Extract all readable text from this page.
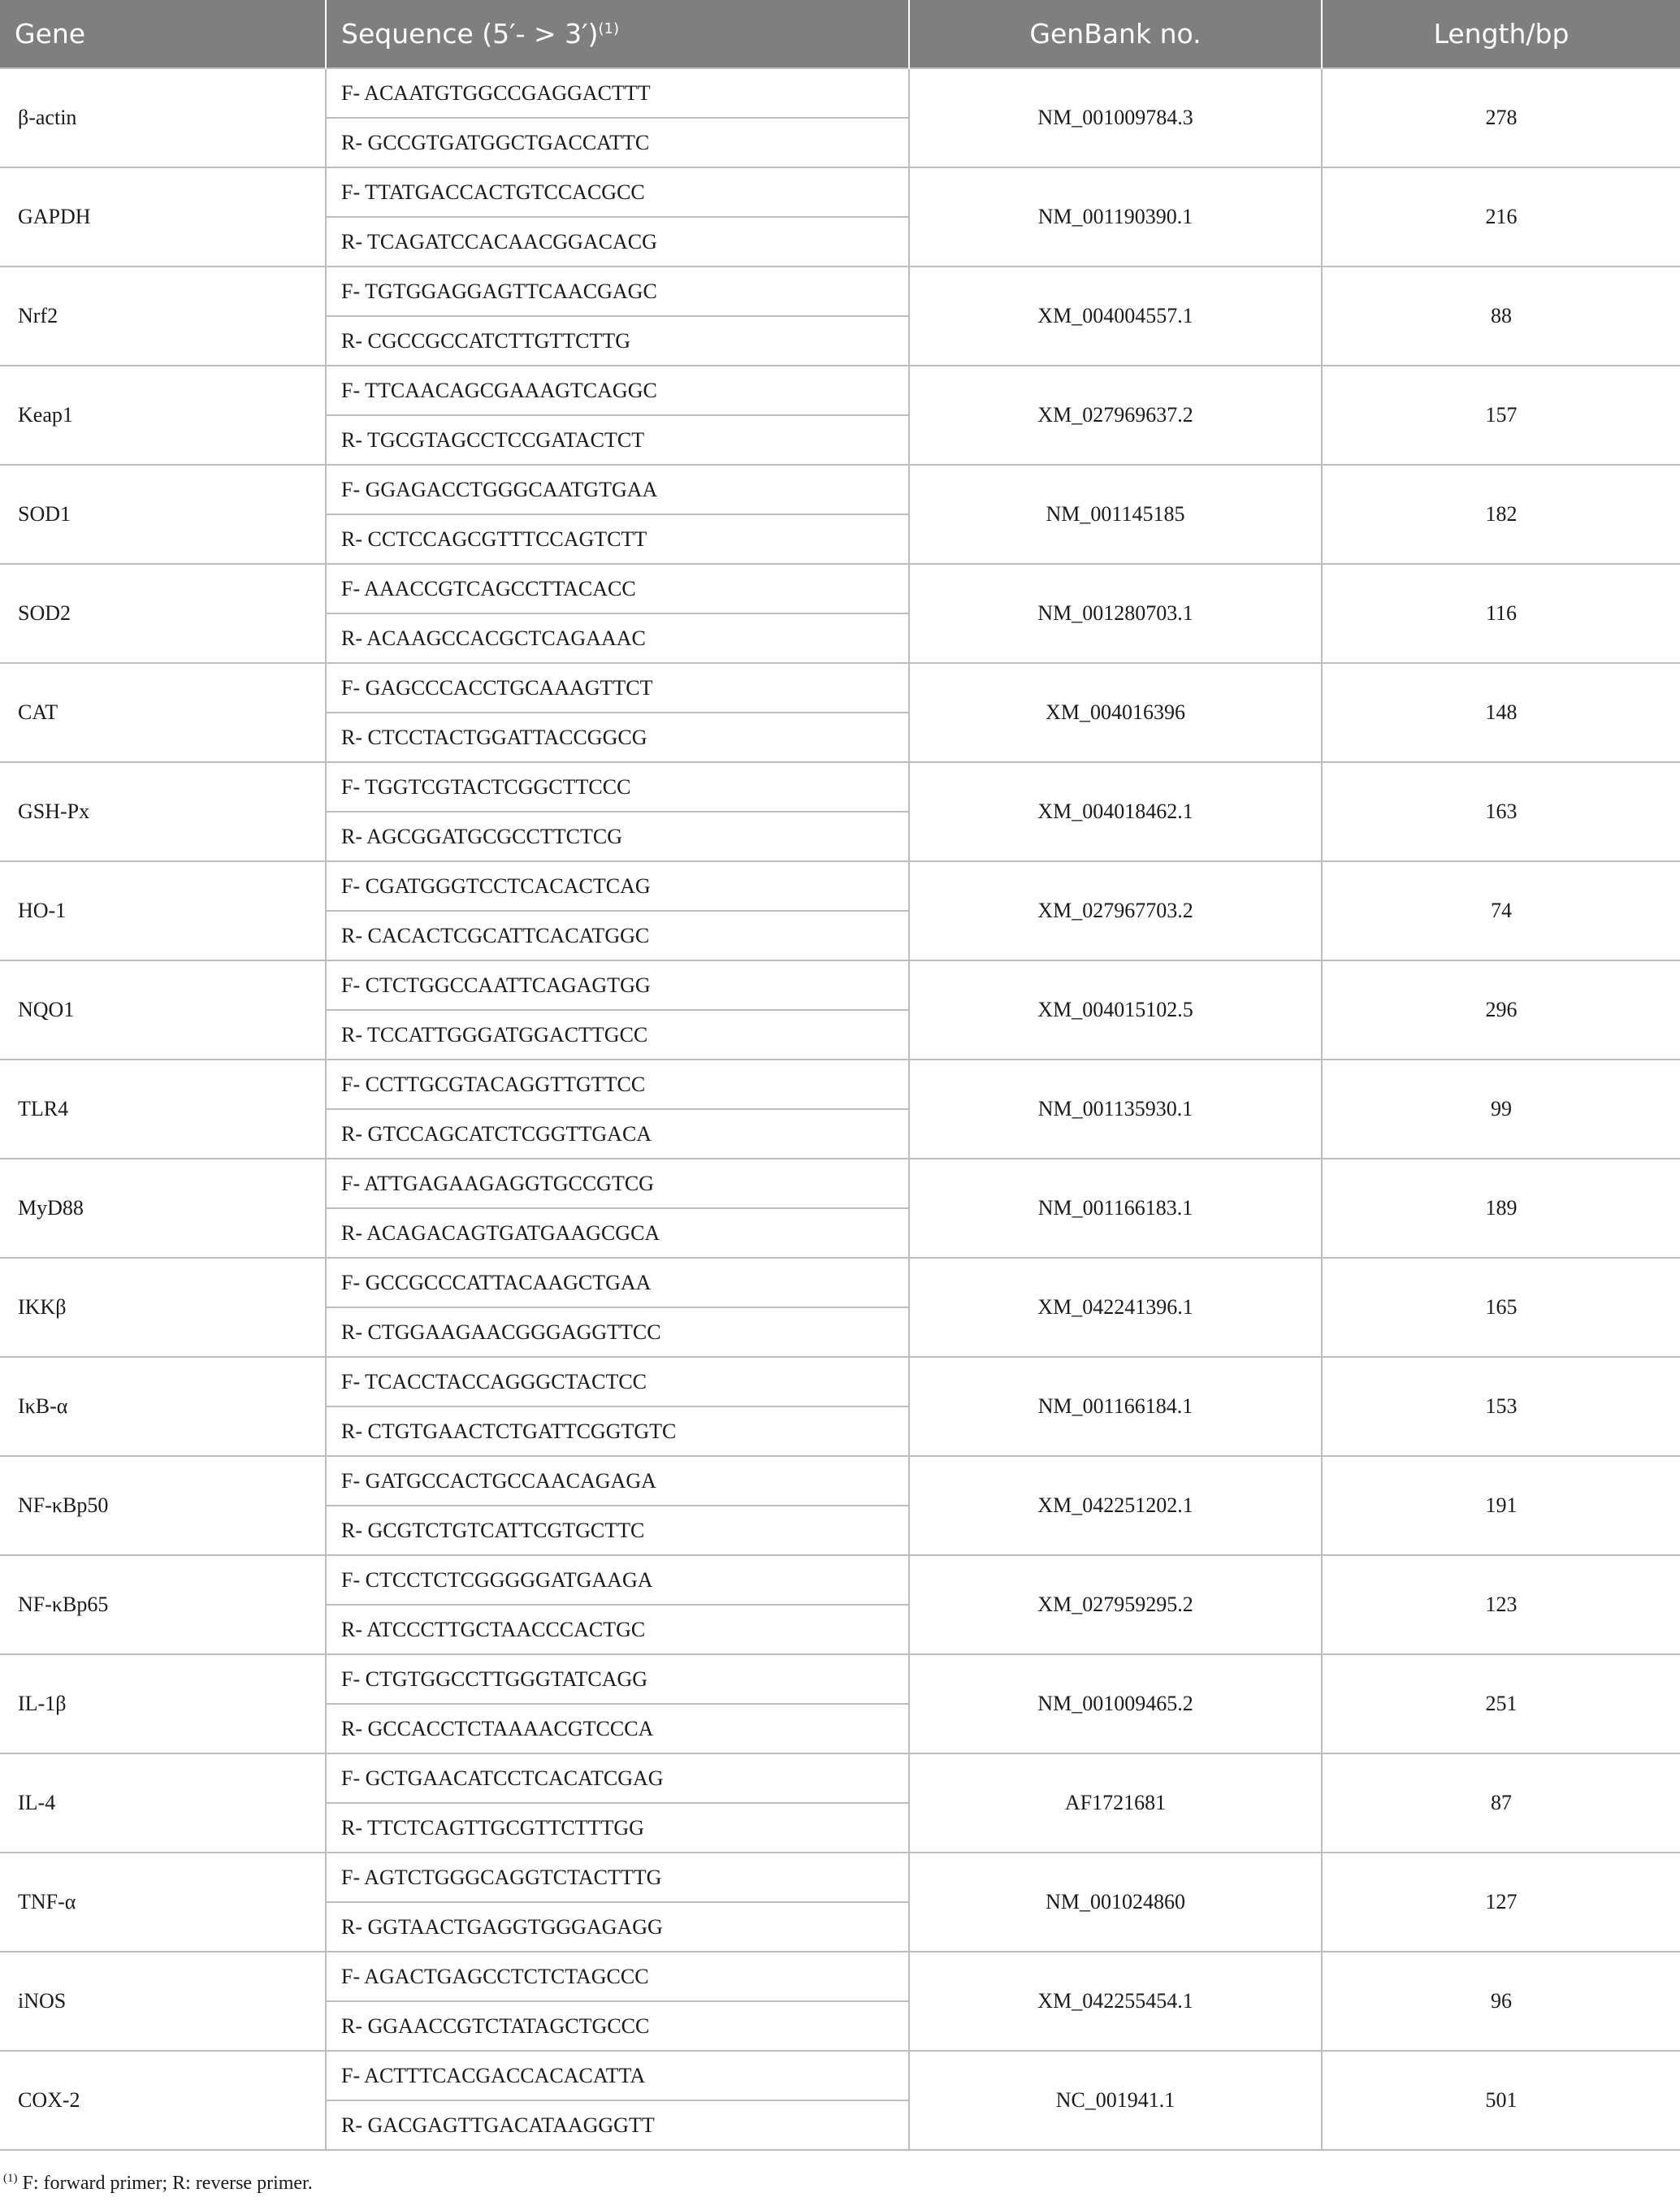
Gene	Sequence (5′- > 3′)$^{(1)}$	GenBank no.	Length/bp
β-actin	F- ACAATGTGGCCGAGGACTTT	NM_001009784.3	278
	R- GCCGTGATGGCTGACCATTC		
GAPDH	F- TTATGACCACTGTCCACGCC	NM_001190390.1	216
	R- TCAGATCCACAACGGACACG		
Nrf2	F- TGTGGAGGAGTTCAACGAGC	XM_004004557.1	88
	R- CGCCGCCATCTTGTTCTTG		
Keap1	F- TTCAACAGCGAAAGTCAGGC	XM_027969637.2	157
	R- TGCGTAGCCTCCGATACTCT		
SOD1	F- GGAGACCTGGGCAATGTGAA	NM_001145185	182
	R- CCTCCAGCGTTTCCAGTCTT		
SOD2	F- AAACCGTCAGCCTTACACC	NM_001280703.1	116
	R- ACAAGCCACGCTCAGAAAC		
CAT	F- GAGCCCACCTGCAAAGTTCT	XM_004016396	148
	R- CTCCTACTGGATTACCGGCG		
GSH-Px	F- TGGTCGTACTCGGCTTCCC	XM_004018462.1	163
	R- AGCGGATGCGCCTTCTCG		
HO-1	F- CGATGGGTCCTCACACTCAG	XM_027967703.2	74
	R- CACACTCGCATTCACATGGC		
NQO1	F- CTCTGGCCAATTCAGAGTGG	XM_004015102.5	296
	R- TCCATTGGGATGGACTTGCC		
TLR4	F- CCTTGCGTACAGGTTGTTCC	NM_001135930.1	99
	R- GTCCAGCATCTCGGTTGACA		
MyD88	F- ATTGAGAAGAGGTGCCGTCG	NM_001166183.1	189
	R- ACAGACAGTGATGAAGCGCA		
IKKβ	F- GCCGCCCATTACAAGCTGAA	XM_042241396.1	165
	R- CTGGAAGAACGGGAGGTTCC		
IκB-α	F- TCACCTACCAGGGCTACTCC	NM_001166184.1	153
	R- CTGTGAACTCTGATTCGGTGTC		
NF-κBp50	F- GATGCCACTGCCAACAGAGA	XM_042251202.1	191
	R- GCGTCTGTCATTCGTGCTTC		
NF-κBp65	F- CTCCTCTCGGGGGATGAAGA	XM_027959295.2	123
	R- ATCCCTTGCTAACCCACTGC		
IL-1β	F- CTGTGGCCTTGGGTATCAGG	NM_001009465.2	251
	R- GCCACCTCTAAAACGTCCCA		
IL-4	F- GCTGAACATCCTCACATCGAG	AF1721681	87
	R- TTCTCAGTTGCGTTCTTTGG		
TNF-α	F- AGTCTGGGCAGGTCTACTTTG	NM_001024860	127
	R- GGTAACTGAGGTGGGAGAGG		
iNOS	F- AGACTGAGCCTCTCTAGCCC	XM_042255454.1	96
	R- GGAACCGTCTATAGCTGCCC		
COX-2	F- ACTTTCACGACCACACATTA	NC_001941.1	501
	R- GACGAGTTGACATAAGGGTT		

$^{(1)}$ F: forward primer; R: reverse primer.
